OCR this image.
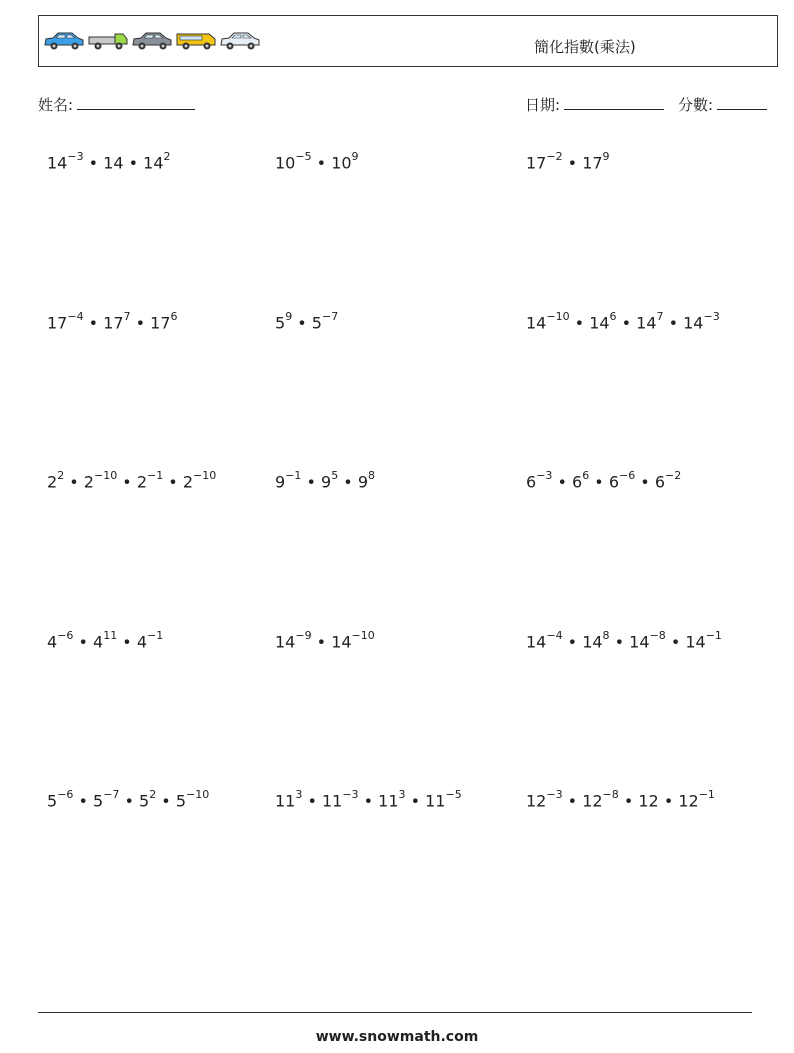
簡化指數(乘法)
姓名:	日期:	分數:
$14^{-3}$ • 14 • $14^2$	$10^{-5}$ • $10^9$	$17^{-2}$ • $17^9$
$17^{-4}$ • $17^7$ • $17^6$	$5^9$ • $5^{-7}$	$14^{-10}$ • $14^6$ • $14^7$ • $14^{-3}$
$2^2$ • $2^{-10}$ • $2^{-1}$ • $2^{-10}$	$9^{-1}$ • $9^5$ • $9^8$	$6^{-3}$ • $6^6$ • $6^{-6}$ • $6^{-2}$
$4^{-6}$ • $4^{11}$ • $4^{-1}$	$14^{-9}$ • $14^{-10}$	$14^{-4}$ • $14^8$ • $14^{-8}$ • $14^{-1}$
$5^{-6}$ • $5^{-7}$ • $5^2$ • $5^{-10}$	$11^3$ • $11^{-3}$ • $11^3$ • $11^{-5}$	$12^{-3}$ • $12^{-8}$ • 12 • $12^{-1}$
www.snowmath.com
